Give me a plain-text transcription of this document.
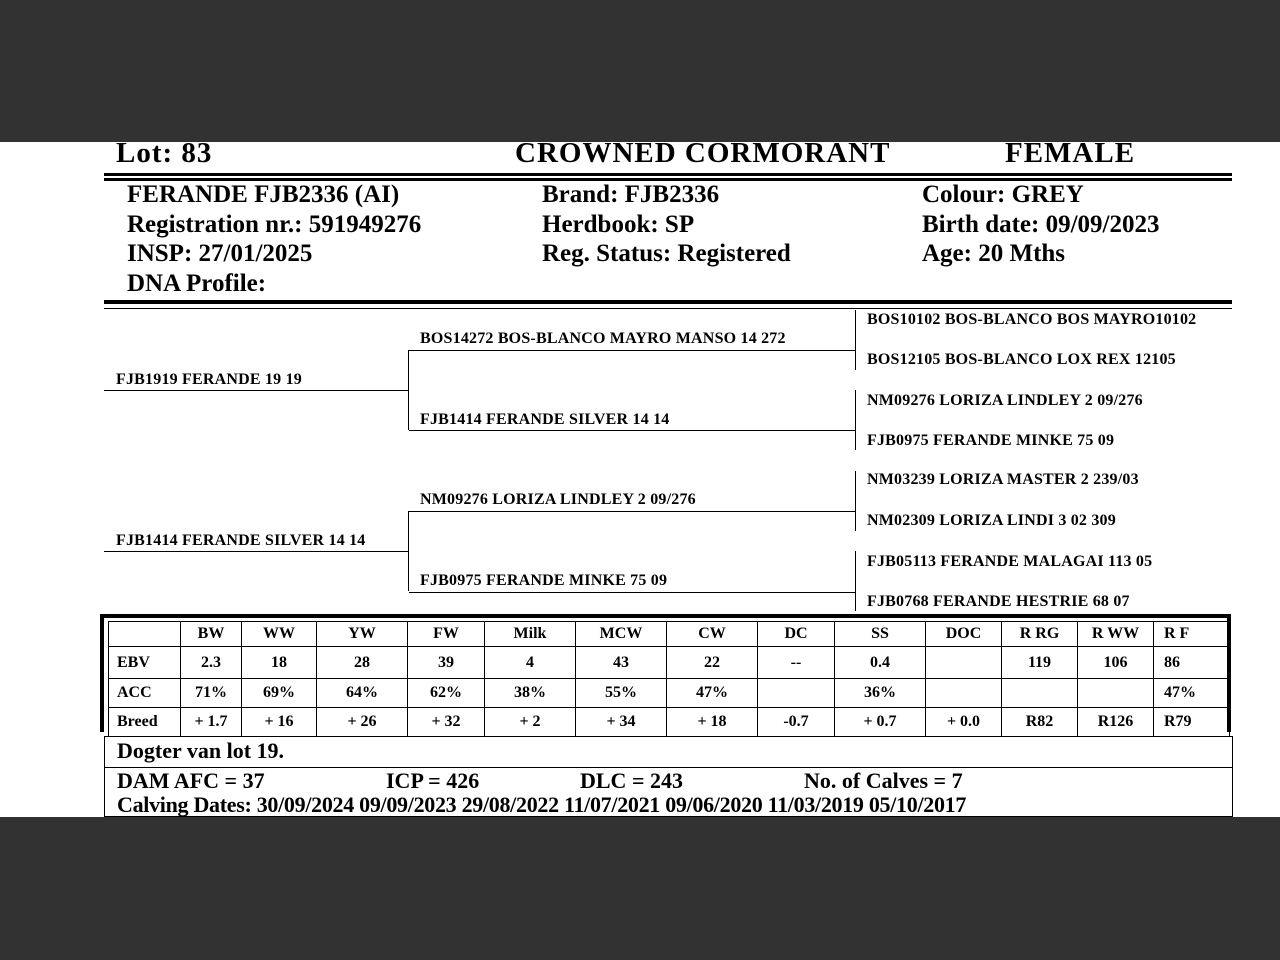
Lot: 83	CROWNED CORMORANT	FEMALE
FERANDE FJB2336 (AI)
Registration nr.: 591949276
INSP: 27/01/2025
DNA Profile:
Brand: FJB2336
Herdbook: SP
Reg. Status: Registered
Colour: GREY
Birth date: 09/09/2023
Age: 20 Mths
FJB1919 FERANDE 19 19
FJB1414 FERANDE SILVER 14 14
BOS14272 BOS-BLANCO MAYRO MANSO 14 272
FJB1414 FERANDE SILVER 14 14
NM09276 LORIZA LINDLEY 2 09/276
FJB0975 FERANDE MINKE 75 09
BOS10102 BOS-BLANCO BOS MAYRO10102
BOS12105 BOS-BLANCO LOX REX 12105
NM09276 LORIZA LINDLEY 2 09/276
FJB0975 FERANDE MINKE 75 09
NM03239 LORIZA MASTER 2 239/03
NM02309 LORIZA LINDI 3 02 309
FJB05113 FERANDE MALAGAI 113 05
FJB0768 FERANDE HESTRIE 68 07
	BW	WW	YW	FW	Milk	MCW	CW	DC	SS	DOC	R RG	R WW	R F
EBV	2.3	18	28	39	4	43	22	--	0.4		119	106	86
ACC	71%	69%	64%	62%	38%	55%	47%		36%				47%
Breed	+ 1.7	+ 16	+ 26	+ 32	+ 2	+ 34	+ 18	-0.7	+ 0.7	+ 0.0	R82	R126	R79
Dogter van lot 19.
DAM AFC = 37	ICP = 426	DLC = 243	No. of Calves = 7
Calving Dates: 30/09/2024 09/09/2023 29/08/2022 11/07/2021 09/06/2020 11/03/2019 05/10/2017
